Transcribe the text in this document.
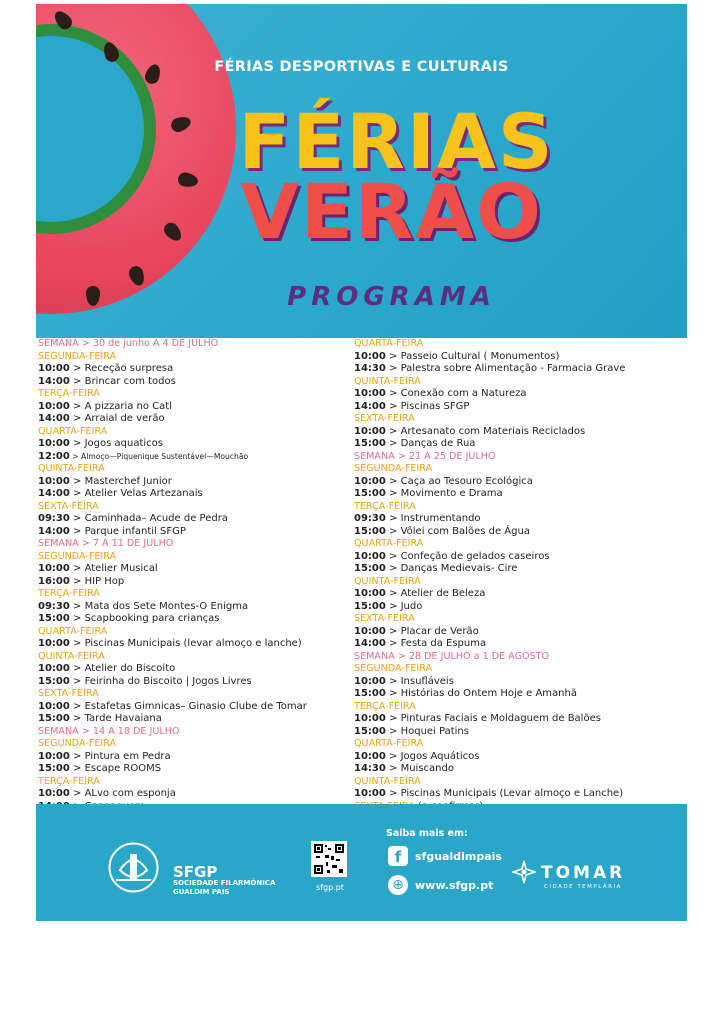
FÉRIAS DESPORTIVAS E CULTURAIS
FÉRIAS
VERÃO
PROGRAMA
SEMANA > 30 de junho A 4 DE JULHO
SEGUNDA-FEIRA
10:00 > Receção surpresa
14:00 > Brincar com todos
TERÇA-FEIRA
10:00 > A pizzaria no Catl
14:00 > Arraial de verão
QUARTA-FEIRA
10:00 > Jogos aquaticos
12:00 > Almoço—Piquenique Sustentável—Mouchão
QUINTA-FEIRA
10:00 > Masterchef Junior
14:00 > Atelier Velas Artezanais
SEXTA-FEIRA
09:30 > Caminhada– Acude de Pedra
14:00 > Parque infantil SFGP
SEMANA > 7 A 11 DE JULHO
SEGUNDA-FEIRA
10:00 > Atelier Musical
16:00 > HIP Hop
TERÇA-FEIRA
09:30 > Mata dos Sete Montes-O Enigma
15:00 > Scapbooking para crianças
QUARTA-FEIRA
10:00 > Piscinas Municipais (levar almoço e lanche)
QUINTA-FEIRA
10:00 > Atelier do Biscoito
15:00 > Feirinha do Biscoito | Jogos Livres
SEXTA-FEIRA
10:00 > Estafetas Gimnicas– Ginasio Clube de Tomar
15:00 > Tarde Havaiana
SEMANA > 14 A 18 DE JULHO
SEGUNDA-FEIRA
10:00 > Pintura em Pedra
15:00 > Escape ROOMS
TERÇA-FEIRA
10:00 > ALvo com esponja
QUARTA-FEIRA
10:00 > Passeio Cultural ( Monumentos)
14:30 > Palestra sobre Alimentação - Farmacia Grave
QUINTA-FEIRA
10:00 > Conexão com a Natureza
14:00 > Piscinas SFGP
SEXTA-FEIRA
10:00 > Artesanato com Materiais Reciclados
15:00 > Danças de Rua
SEMANA > 21 A 25 DE JULHO
SEGUNDA-FEIRA
10:00 > Caça ao Tesouro Ecológica
15:00 > Movimento e Drama
TERÇA-FEIRA
09:30 > Instrumentando
15:00 > Vôlei com Balões de Água
QUARTA-FEIRA
10:00 > Confeção de gelados caseiros
15:00 > Danças Medievais- Cire
QUINTA-FEIRA
10:00 > Atelier de Beleza
15:00 > Judo
SEXTA-FEIRA
10:00 > Placar de Verão
14:00 > Festa da Espuma
SEMANA > 28 DE JULHO a 1 DE AGOSTO
SEGUNDA-FEIRA
10:00 > Insufláveis
15:00 > Histórias do Ontem Hoje e Amanhã
TERÇA-FEIRA
10:00 > Pinturas Faciais e Moldaguem de Balões
15:00 > Hoquei Patins
QUARTA-FEIRA
10:00 > Jogos Aquáticos
14:30 > Muiscando
QUINTA-FEIRA
10:00 > Piscinas Municipais (Levar almoço e Lanche)
SFGP
SOCIEDADE FILARMÓNICA
GUALDIM PAIS	sfgp.pt
Saiba mais em:
f	sfgualdimpais
⊕	www.sfgp.pt
TOMAR
CIDADE TEMPLÁRIA
